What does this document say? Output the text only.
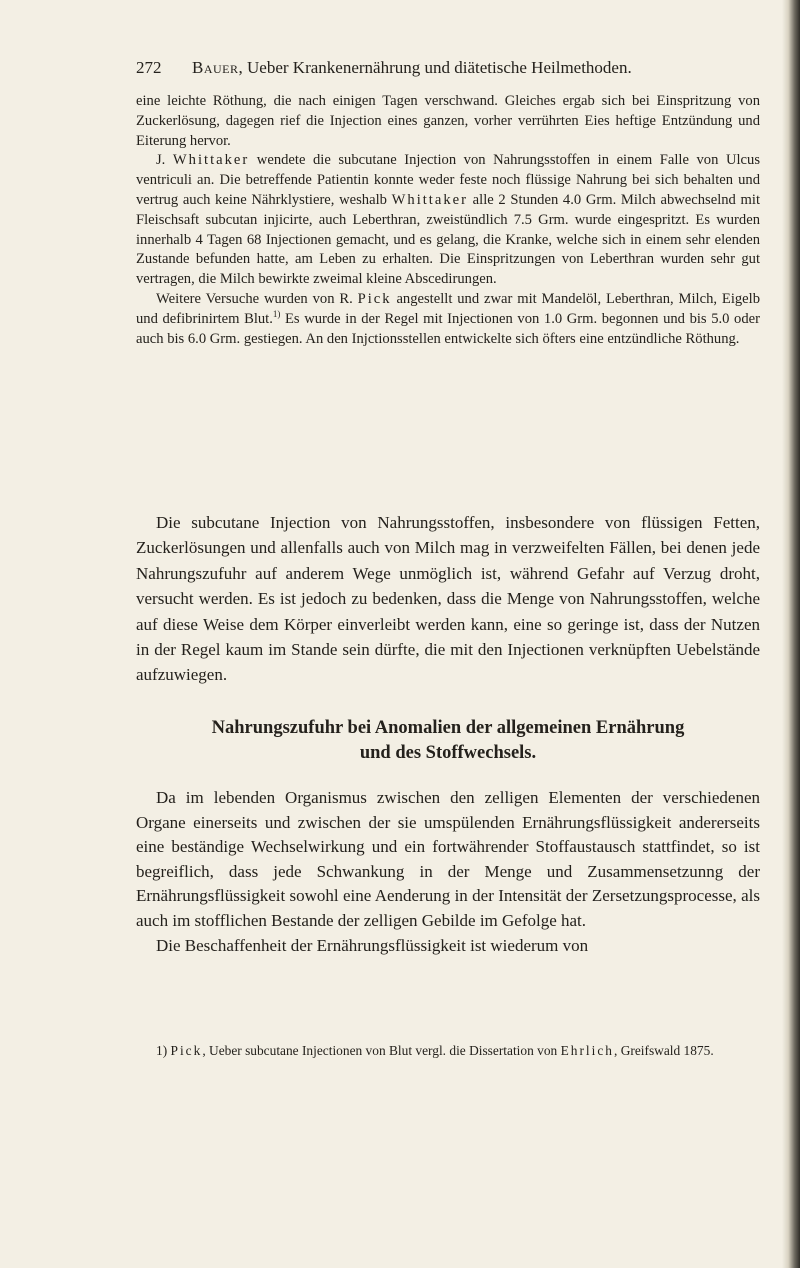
272 Bauer, Ueber Krankenernährung und diätetische Heilmethoden.

eine leichte Röthung, die nach einigen Tagen verschwand. Gleiches ergab sich bei Einspritzung von Zuckerlösung, dagegen rief die Injection eines ganzen, vorher verrührten Eies heftige Entzündung und Eiterung hervor.

J. Whittaker wendete die subcutane Injection von Nahrungsstoffen in einem Falle von Ulcus ventriculi an. Die betreffende Patientin konnte weder feste noch flüssige Nahrung bei sich behalten und vertrug auch keine Nährklystiere, weshalb Whittaker alle 2 Stunden 4.0 Grm. Milch abwechselnd mit Fleischsaft subcutan injicirte, auch Leberthran, zweistündlich 7.5 Grm. wurde eingespritzt. Es wurden innerhalb 4 Tagen 68 Injectionen gemacht, und es gelang, die Kranke, welche sich in einem sehr elenden Zustande befunden hatte, am Leben zu erhalten. Die Einspritzungen von Leberthran wurden sehr gut vertragen, die Milch bewirkte zweimal kleine Abscedirungen.

Weitere Versuche wurden von R. Pick angestellt und zwar mit Mandelöl, Leberthran, Milch, Eigelb und defibrinirtem Blut.$^{1)}$ Es wurde in der Regel mit Injectionen von 1.0 Grm. begonnen und bis 5.0 oder auch bis 6.0 Grm. gestiegen. An den Injctionsstellen entwickelte sich öfters eine entzündliche Röthung.

Die subcutane Injection von Nahrungsstoffen, insbesondere von flüssigen Fetten, Zuckerlösungen und allenfalls auch von Milch mag in verzweifelten Fällen, bei denen jede Nahrungszufuhr auf anderem Wege unmöglich ist, während Gefahr auf Verzug droht, versucht werden. Es ist jedoch zu bedenken, dass die Menge von Nahrungsstoffen, welche auf diese Weise dem Körper einverleibt werden kann, eine so geringe ist, dass der Nutzen in der Regel kaum im Stande sein dürfte, die mit den Injectionen verknüpften Uebelstände aufzuwiegen.

Nahrungszufuhr bei Anomalien der allgemeinen Ernährung
und des Stoffwechsels.

Da im lebenden Organismus zwischen den zelligen Elementen der verschiedenen Organe einerseits und zwischen der sie umspülenden Ernährungsflüssigkeit andererseits eine beständige Wechselwirkung und ein fortwährender Stoffaustausch stattfindet, so ist begreiflich, dass jede Schwankung in der Menge und Zusammensetzunng der Ernährungsflüssigkeit sowohl eine Aenderung in der Intensität der Zersetzungsprocesse, als auch im stofflichen Bestande der zelligen Gebilde im Gefolge hat.

Die Beschaffenheit der Ernährungsflüssigkeit ist wiederum von

1) Pick, Ueber subcutane Injectionen von Blut vergl. die Dissertation von Ehrlich, Greifswald 1875.
